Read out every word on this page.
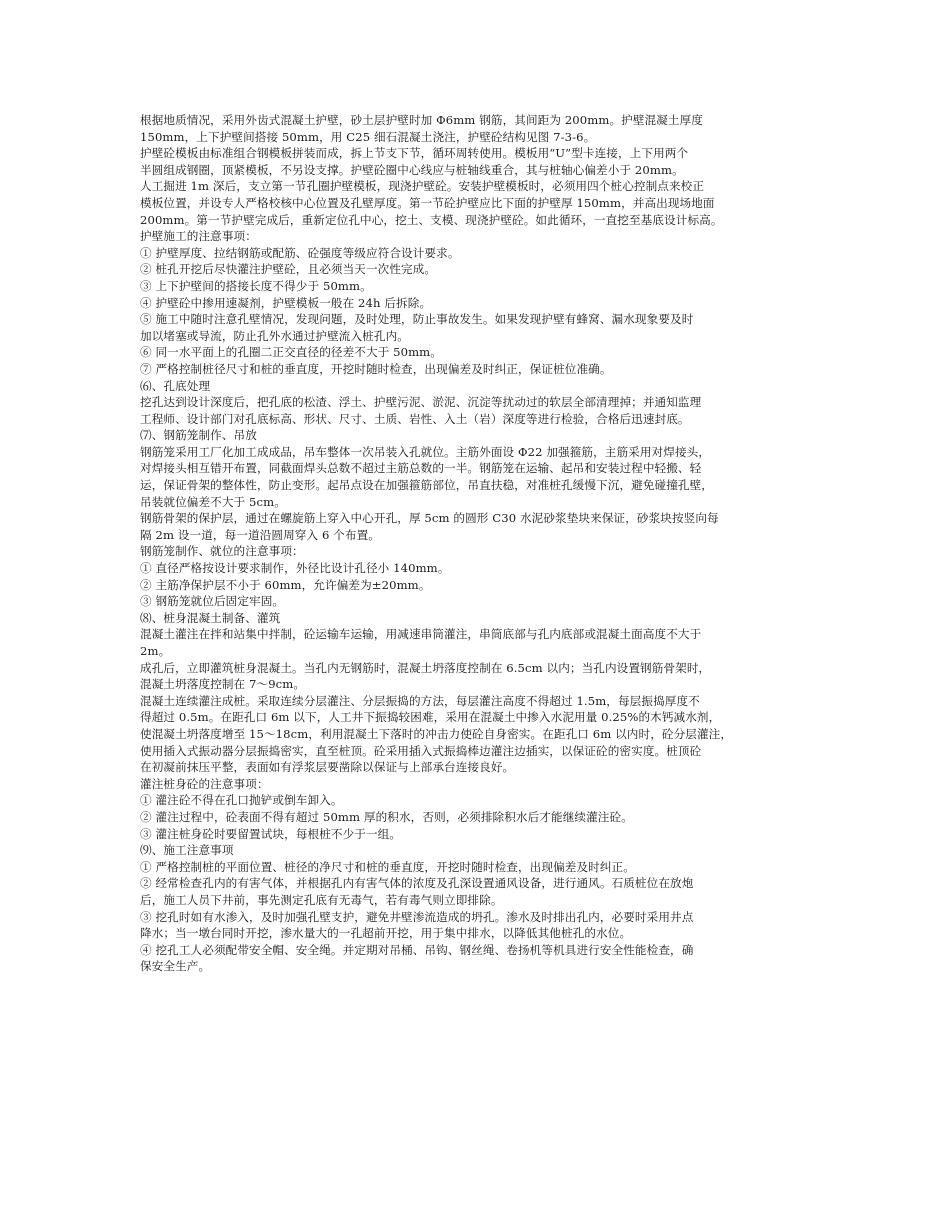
根据地质情况，采用外齿式混凝土护壁，砂土层护壁时加 Φ6mm 钢筋，其间距为 200mm。护壁混凝土厚度
150mm，上下护壁间搭接 50mm，用 C25 细石混凝土浇注，护壁砼结构见图 7-3-6。
护壁砼模板由标准组合钢模板拼装而成，拆上节支下节，循环周转使用。模板用“U”型卡连接，上下用两个
半圆组成钢圈，顶紧模板，不另设支撑。护壁砼圈中心线应与桩轴线重合，其与桩轴心偏差小于 20mm。
人工掘进 1m 深后，支立第一节孔圈护壁模板，现浇护壁砼。安装护壁模板时，必须用四个桩心控制点来校正
模板位置，并设专人严格校核中心位置及孔壁厚度。第一节砼护壁应比下面的护壁厚 150mm，并高出现场地面
200mm。第一节护壁完成后，重新定位孔中心，挖土、支模、现浇护壁砼。如此循环，一直挖至基底设计标高。
护壁施工的注意事项：
① 护壁厚度、拉结钢筋或配筋、砼强度等级应符合设计要求。
② 桩孔开挖后尽快灌注护壁砼，且必须当天一次性完成。
③ 上下护壁间的搭接长度不得少于 50mm。
④ 护壁砼中掺用速凝剂，护壁模板一般在 24h 后拆除。
⑤ 施工中随时注意孔壁情况，发现问题，及时处理，防止事故发生。如果发现护壁有蜂窝、漏水现象要及时
加以堵塞或导流，防止孔外水通过护壁流入桩孔内。
⑥ 同一水平面上的孔圈二正交直径的径差不大于 50mm。
⑦ 严格控制桩径尺寸和桩的垂直度，开挖时随时检查，出现偏差及时纠正，保证桩位准确。
⑹、孔底处理
挖孔达到设计深度后，把孔底的松渣、浮土、护壁污泥、淤泥、沉淀等扰动过的软层全部清理掉；并通知监理
工程师、设计部门对孔底标高、形状、尺寸、土质、岩性、入土（岩）深度等进行检验，合格后迅速封底。
⑺、钢筋笼制作、吊放
钢筋笼采用工厂化加工成成品，吊车整体一次吊装入孔就位。主筋外面设 Φ22 加强箍筋，主筋采用对焊接头，
对焊接头相互错开布置，同截面焊头总数不超过主筋总数的一半。钢筋笼在运输、起吊和安装过程中轻搬、轻
运，保证骨架的整体性，防止变形。起吊点设在加强箍筋部位，吊直扶稳，对准桩孔缓慢下沉，避免碰撞孔壁，
吊装就位偏差不大于 5cm。
钢筋骨架的保护层，通过在螺旋筋上穿入中心开孔，厚 5cm 的圆形 C30 水泥砂浆垫块来保证，砂浆块按竖向每
隔 2m 设一道，每一道沿圆周穿入 6 个布置。
钢筋笼制作、就位的注意事项：
① 直径严格按设计要求制作，外径比设计孔径小 140mm。
② 主筋净保护层不小于 60mm，允许偏差为±20mm。
③ 钢筋笼就位后固定牢固。
⑻、桩身混凝土制备、灌筑
混凝土灌注在拌和站集中拌制，砼运输车运输，用减速串筒灌注，串筒底部与孔内底部或混凝土面高度不大于
2m。
成孔后，立即灌筑桩身混凝土。当孔内无钢筋时，混凝土坍落度控制在 6.5cm 以内；当孔内设置钢筋骨架时，
混凝土坍落度控制在 7～9cm。
混凝土连续灌注成桩。采取连续分层灌注、分层振捣的方法，每层灌注高度不得超过 1.5m，每层振捣厚度不
得超过 0.5m。在距孔口 6m 以下，人工井下振捣较困难，采用在混凝土中掺入水泥用量 0.25%的木钙减水剂，
使混凝土坍落度增至 15～18cm，利用混凝土下落时的冲击力使砼自身密实。在距孔口 6m 以内时，砼分层灌注，
使用插入式振动器分层振捣密实，直至桩顶。砼采用插入式振捣棒边灌注边插实，以保证砼的密实度。桩顶砼
在初凝前抹压平整，表面如有浮浆层要凿除以保证与上部承台连接良好。
灌注桩身砼的注意事项：
① 灌注砼不得在孔口抛铲或倒车卸入。
② 灌注过程中，砼表面不得有超过 50mm 厚的积水，否则，必须排除积水后才能继续灌注砼。
③ 灌注桩身砼时要留置试块，每根桩不少于一组。
⑼、施工注意事项
① 严格控制桩的平面位置、桩径的净尺寸和桩的垂直度，开挖时随时检查，出现偏差及时纠正。
② 经常检查孔内的有害气体，并根据孔内有害气体的浓度及孔深设置通风设备，进行通风。石质桩位在放炮
后，施工人员下井前，事先测定孔底有无毒气，若有毒气则立即排除。
③ 挖孔时如有水渗入，及时加强孔壁支护，避免井壁渗流造成的坍孔。渗水及时排出孔内，必要时采用井点
降水；当一墩台同时开挖，渗水量大的一孔超前开挖，用于集中排水，以降低其他桩孔的水位。
④ 挖孔工人必须配带安全帽、安全绳。并定期对吊桶、吊钩、钢丝绳、卷扬机等机具进行安全性能检查，确
保安全生产。
